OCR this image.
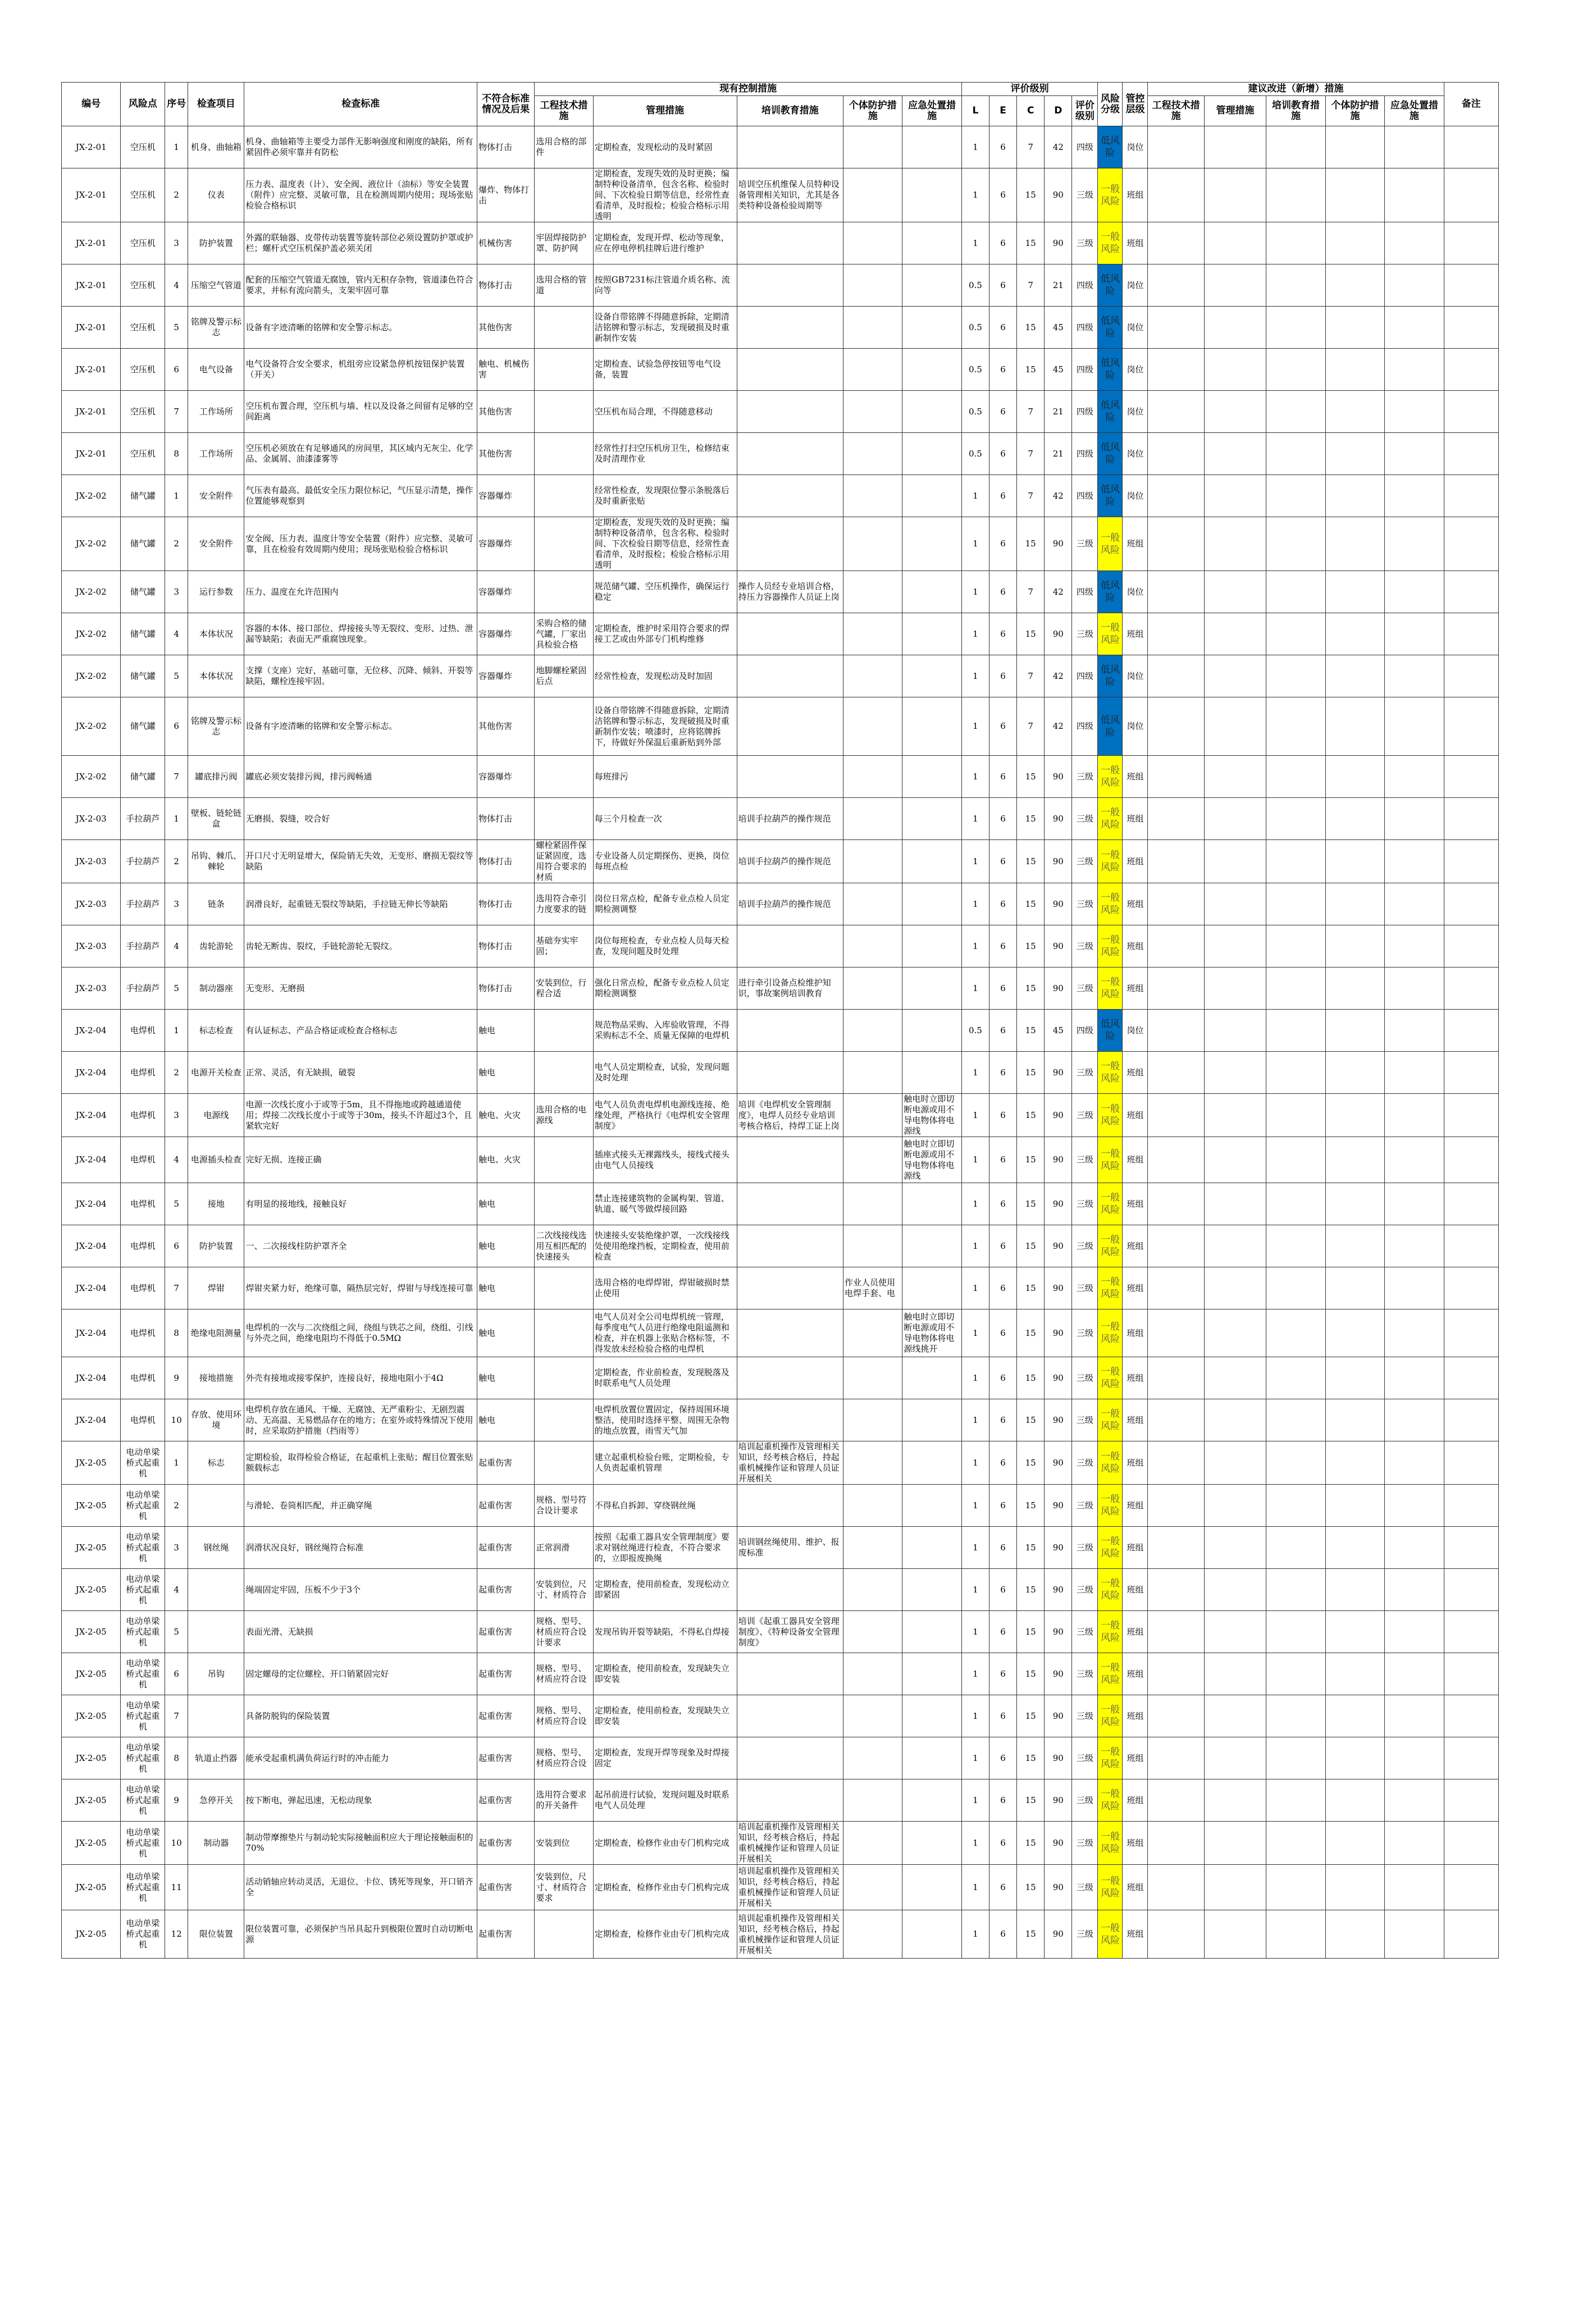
编号	风险点	序号	检查项目	检查标准	不符合标准情况及后果	现有控制措施					评价级别					风险分级	管控层级	建议改进（新增）措施					备注
						工程技术措施	管理措施	培训教育措施	个体防护措施	应急处置措施	L	E	C	D	评价级别			工程技术措施	管理措施	培训教育措施	个体防护措施	应急处置措施	
JX-2-01	空压机	1	机身、曲轴箱	机身、曲轴箱等主要受力部件无影响强度和刚度的缺陷，所有紧固件必须牢靠并有防松	物体打击	选用合格的部件	定期检查，发现松动的及时紧固				1	6	7	42	四级	低风险	岗位						
JX-2-01	空压机	2	仪表	压力表、温度表（计）、安全阀、液位计（油标）等安全装置（附件）应完整、灵敏可靠，且在检测周期内使用；现场张贴检验合格标识	爆炸、物体打击		定期检查，发现失效的及时更换；编制特种设备清单，包含名称、检验时间、下次检验日期等信息，经常性查看清单，及时报检；检验合格标示用透明	培训空压机维保人员特种设备管理相关知识，尤其是各类特种设备检验周期等			1	6	15	90	三级	一般风险	班组						
JX-2-01	空压机	3	防护装置	外露的联轴器、皮带传动装置等旋转部位必须设置防护罩或护栏；螺杆式空压机保护盖必须关闭	机械伤害	牢固焊接防护罩、防护网	定期检查，发现开焊、松动等现象，应在停电停机挂牌后进行维护				1	6	15	90	三级	一般风险	班组						
JX-2-01	空压机	4	压缩空气管道	配套的压缩空气管道无腐蚀，管内无积存杂物，管道漆色符合要求，并标有流向箭头，支架牢固可靠	物体打击	选用合格的管道	按照GB7231标注管道介质名称、流向等				0.5	6	7	21	四级	低风险	岗位						
JX-2-01	空压机	5	铭牌及警示标志	设备有字迹清晰的铭牌和安全警示标志。	其他伤害		设备自带铭牌不得随意拆除，定期清洁铭牌和警示标志，发现破损及时重新制作安装				0.5	6	15	45	四级	低风险	岗位						
JX-2-01	空压机	6	电气设备	电气设备符合安全要求，机组旁应设紧急停机按钮保护装置（开关）	触电、机械伤害		定期检查、试验急停按钮等电气设备，装置				0.5	6	15	45	四级	低风险	岗位						
JX-2-01	空压机	7	工作场所	空压机布置合理，空压机与墙、柱以及设备之间留有足够的空间距离	其他伤害		空压机布局合理，不得随意移动				0.5	6	7	21	四级	低风险	岗位						
JX-2-01	空压机	8	工作场所	空压机必须放在有足够通风的房间里，其区域内无灰尘、化学品、金属屑、油漆漆雾等	其他伤害		经常性打扫空压机房卫生，检修结束及时清理作业				0.5	6	7	21	四级	低风险	岗位						
JX-2-02	储气罐	1	安全附件	气压表有最高、最低安全压力限位标记，气压显示清楚，操作位置能够观察到	容器爆炸		经常性检查，发现限位警示条脱落后及时重新张贴				1	6	7	42	四级	低风险	岗位						
JX-2-02	储气罐	2	安全附件	安全阀、压力表、温度计等安全装置（附件）应完整、灵敏可靠，且在检验有效周期内使用；现场张贴检验合格标识	容器爆炸		定期检查，发现失效的及时更换；编制特种设备清单，包含名称、检验时间、下次检验日期等信息，经常性查看清单，及时报检；检验合格标示用透明				1	6	15	90	三级	一般风险	班组						
JX-2-02	储气罐	3	运行参数	压力、温度在允许范围内	容器爆炸		规范储气罐、空压机操作，确保运行稳定	操作人员经专业培训合格，持压力容器操作人员证上岗			1	6	7	42	四级	低风险	岗位						
JX-2-02	储气罐	4	本体状况	容器的本体、接口部位、焊接接头等无裂纹、变形、过热、泄漏等缺陷；表面无严重腐蚀现象。	容器爆炸	采购合格的储气罐，厂家出具检验合格	定期检查，维护时采用符合要求的焊接工艺或由外部专门机构维修				1	6	15	90	三级	一般风险	班组						
JX-2-02	储气罐	5	本体状况	支撑（支座）完好，基础可靠，无位移、沉降、倾斜、开裂等缺陷，螺栓连接牢固。	容器爆炸	地脚螺栓紧固后点	经常性检查，发现松动及时加固				1	6	7	42	四级	低风险	岗位						
JX-2-02	储气罐	6	铭牌及警示标志	设备有字迹清晰的铭牌和安全警示标志。	其他伤害		设备自带铭牌不得随意拆除，定期清洁铭牌和警示标志，发现破损及时重新制作安装；喷漆时，应将铭牌拆下，待做好外保温后重新贴到外部				1	6	7	42	四级	低风险	岗位						
JX-2-02	储气罐	7	罐底排污阀	罐底必须安装排污阀，排污阀畅通	容器爆炸		每班排污				1	6	15	90	三级	一般风险	班组						
JX-2-03	手拉葫芦	1	壁板、链轮链盒	无磨损、裂缝，咬合好	物体打击		每三个月检查一次	培训手拉葫芦的操作规范			1	6	15	90	三级	一般风险	班组						
JX-2-03	手拉葫芦	2	吊钩、棘爪、棘轮	开口尺寸无明显增大，保险销无失效，无变形、磨损无裂纹等缺陷	物体打击	螺栓紧固件保证紧固度，选用符合要求的材质	专业设备人员定期探伤、更换，岗位每班点检	培训手拉葫芦的操作规范			1	6	15	90	三级	一般风险	班组						
JX-2-03	手拉葫芦	3	链条	润滑良好，起重链无裂纹等缺陷，手拉链无伸长等缺陷	物体打击	选用符合牵引力度要求的链	岗位日常点检，配备专业点检人员定期检测调整	培训手拉葫芦的操作规范			1	6	15	90	三级	一般风险	班组						
JX-2-03	手拉葫芦	4	齿轮游轮	齿轮无断齿、裂纹，手链轮游轮无裂纹。	物体打击	基础夯实牢固；	岗位每班检查，专业点检人员每天检查，发现问题及时处理				1	6	15	90	三级	一般风险	班组						
JX-2-03	手拉葫芦	5	制动器座	无变形、无磨损	物体打击	安装到位，行程合适	强化日常点检，配备专业点检人员定期检测调整	进行牵引设备点检维护知识，事故案例培训教育			1	6	15	90	三级	一般风险	班组						
JX-2-04	电焊机	1	标志检查	有认证标志、产品合格证或检查合格标志	触电		规范物品采购、入库验收管理，不得采购标志不全、质量无保障的电焊机				0.5	6	15	45	四级	低风险	岗位						
JX-2-04	电焊机	2	电源开关检查	正常、灵活，有无缺损，破裂	触电		电气人员定期检查，试验，发现问题及时处理				1	6	15	90	三级	一般风险	班组						
JX-2-04	电焊机	3	电源线	电源一次线长度小于或等于5m，且不得拖地或跨越通道使用；焊接二次线长度小于或等于30m，接头不许超过3个，且紧软完好	触电、火灾	选用合格的电源线	电气人员负责电焊机电源线连接、绝缘处理，严格执行《电焊机安全管理制度》	培训《电焊机安全管理制度》，电焊人员经专业培训考核合格后，持焊工证上岗		触电时立即切断电源或用不导电物体将电源线	1	6	15	90	三级	一般风险	班组						
JX-2-04	电焊机	4	电源插头检查	完好无损、连接正确	触电、火灾		插座式接头无裸露线头，接线式接头由电气人员接线			触电时立即切断电源或用不导电物体将电源线	1	6	15	90	三级	一般风险	班组						
JX-2-04	电焊机	5	接地	有明显的接地线，接触良好	触电		禁止连接建筑物的金属构架、管道、轨道、暖气等做焊接回路				1	6	15	90	三级	一般风险	班组						
JX-2-04	电焊机	6	防护装置	一、二次接线柱防护罩齐全	触电	二次线接线选用互相匹配的快速接头	快速接头安装绝缘护罩，一次线接线处使用绝缘挡板，定期检查，使用前检查				1	6	15	90	三级	一般风险	班组						
JX-2-04	电焊机	7	焊钳	焊钳夹紧力好，绝缘可靠，隔热层完好，焊钳与导线连接可靠	触电		选用合格的电焊焊钳，焊钳破损时禁止使用		作业人员使用电焊手套、电		1	6	15	90	三级	一般风险	班组						
JX-2-04	电焊机	8	绝缘电阻测量	电焊机的一次与二次绕组之间，绕组与铁芯之间，绕组、引线与外壳之间，绝缘电阻均不得低于0.5MΩ	触电		电气人员对全公司电焊机统一管理，每季度电气人员进行绝缘电阻遥测和检查，并在机器上张贴合格标签，不得发放未经检验合格的电焊机			触电时立即切断电源或用不导电物体将电源线挑开	1	6	15	90	三级	一般风险	班组						
JX-2-04	电焊机	9	接地措施	外壳有接地或接零保护，连接良好，接地电阻小于4Ω	触电		定期检查，作业前检查，发现脱落及时联系电气人员处理				1	6	15	90	三级	一般风险	班组						
JX-2-04	电焊机	10	存放、使用环境	电焊机存放在通风、干燥、无腐蚀、无严重粉尘、无剧烈震动、无高温、无易燃品存在的地方；在室外或特殊情况下使用时，应采取防护措施（挡雨等）	触电		电焊机放置位置固定，保持周围环境整洁，使用时选择平整、周围无杂物的地点放置，雨雪天气加				1	6	15	90	三级	一般风险	班组						
JX-2-05	电动单梁桥式起重机	1	标志	定期检验，取得检验合格证，在起重机上张贴；醒目位置张贴额载标志	起重伤害		建立起重机检验台账，定期检验，专人负责起重机管理	培训起重机操作及管理相关知识，经考核合格后，持起重机械操作证和管理人员证开展相关			1	6	15	90	三级	一般风险	班组						
JX-2-05	电动单梁桥式起重机	2		与滑轮、卷筒相匹配，并正确穿绳	起重伤害	规格、型号符合设计要求	不得私自拆卸、穿绕钢丝绳				1	6	15	90	三级	一般风险	班组						
JX-2-05	电动单梁桥式起重机	3	钢丝绳	润滑状况良好，钢丝绳符合标准	起重伤害	正常润滑	按照《起重工器具安全管理制度》要求对钢丝绳进行检查，不符合要求的，立即报废换绳	培训钢丝绳使用、维护、报废标准			1	6	15	90	三级	一般风险	班组						
JX-2-05	电动单梁桥式起重机	4		绳端固定牢固，压板不少于3个	起重伤害	安装到位，尺寸、材质符合	定期检查，使用前检查，发现松动立即紧固				1	6	15	90	三级	一般风险	班组						
JX-2-05	电动单梁桥式起重机	5		表面光滑、无缺损	起重伤害	规格、型号、材质应符合设计要求	发现吊钩开裂等缺陷，不得私自焊接	培训《起重工器具安全管理制度》、《特种设备安全管理制度》			1	6	15	90	三级	一般风险	班组						
JX-2-05	电动单梁桥式起重机	6	吊钩	固定螺母的定位螺栓、开口销紧固完好	起重伤害	规格、型号、材质应符合设	定期检查，使用前检查，发现缺失立即安装				1	6	15	90	三级	一般风险	班组						
JX-2-05	电动单梁桥式起重机	7		具备防脱钩的保险装置	起重伤害	规格、型号、材质应符合设	定期检查，使用前检查，发现缺失立即安装				1	6	15	90	三级	一般风险	班组						
JX-2-05	电动单梁桥式起重机	8	轨道止挡器	能承受起重机满负荷运行时的冲击能力	起重伤害	规格、型号、材质应符合设	定期检查，发现开焊等现象及时焊接固定				1	6	15	90	三级	一般风险	班组						
JX-2-05	电动单梁桥式起重机	9	急停开关	按下断电，弹起迅速，无松动现象	起重伤害	选用符合要求的开关备件	起吊前进行试验，发现问题及时联系电气人员处理				1	6	15	90	三级	一般风险	班组						
JX-2-05	电动单梁桥式起重机	10	制动器	制动带摩擦垫片与制动轮实际接触面积应大于理论接触面积的70%	起重伤害	安装到位	定期检查，检修作业由专门机构完成	培训起重机操作及管理相关知识，经考核合格后，持起重机械操作证和管理人员证开展相关			1	6	15	90	三级	一般风险	班组						
JX-2-05	电动单梁桥式起重机	11		活动销轴应转动灵活，无退位、卡位、锈死等现象，开口销齐全	起重伤害	安装到位，尺寸、材质符合要求	定期检查，检修作业由专门机构完成	培训起重机操作及管理相关知识，经考核合格后，持起重机械操作证和管理人员证开展相关			1	6	15	90	三级	一般风险	班组						
JX-2-05	电动单梁桥式起重机	12	限位装置	限位装置可靠，必须保护当吊具起升到极限位置时自动切断电源	起重伤害		定期检查，检修作业由专门机构完成	培训起重机操作及管理相关知识，经考核合格后，持起重机械操作证和管理人员证开展相关			1	6	15	90	三级	一般风险	班组						
